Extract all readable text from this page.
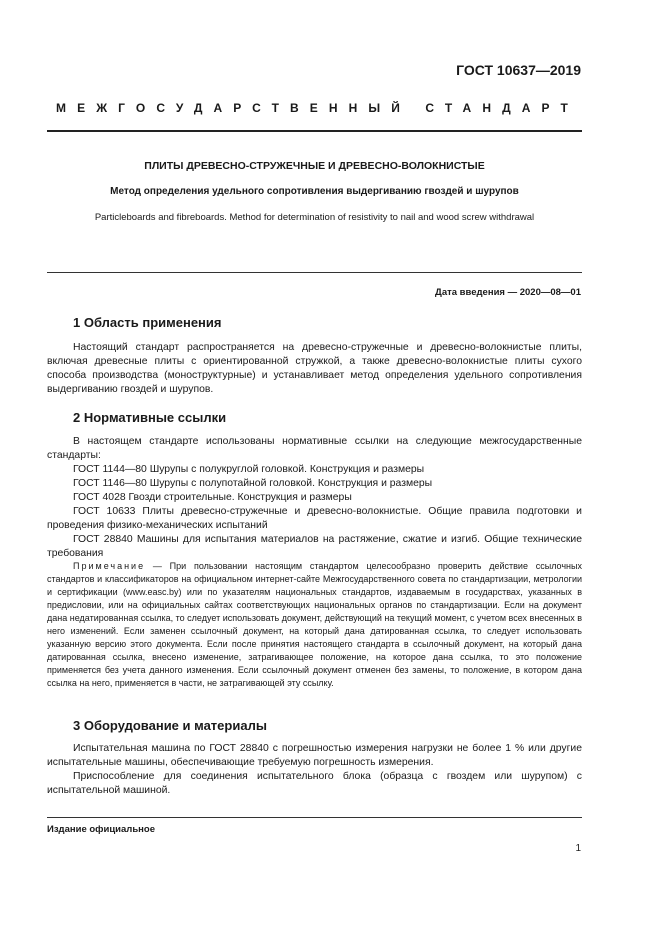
ГОСТ 10637—2019
МЕЖГОСУДАРСТВЕННЫЙ СТАНДАРТ
ПЛИТЫ ДРЕВЕСНО-СТРУЖЕЧНЫЕ И ДРЕВЕСНО-ВОЛОКНИСТЫЕ
Метод определения удельного сопротивления выдергиванию гвоздей и шурупов
Particleboards and fibreboards. Method for determination of resistivity to nail and wood screw withdrawal
Дата введения — 2020—08—01
1 Область применения
Настоящий стандарт распространяется на древесно-стружечные и древесно-волокнистые плиты, включая древесные плиты с ориентированной стружкой, а также древесно-волокнистые плиты сухого способа производства (моноструктурные) и устанавливает метод определения удельного сопротивления выдергиванию гвоздей и шурупов.
2 Нормативные ссылки
В настоящем стандарте использованы нормативные ссылки на следующие межгосударственные стандарты:
ГОСТ 1144—80 Шурупы с полукруглой головкой. Конструкция и размеры
ГОСТ 1146—80 Шурупы с полупотайной головкой. Конструкция и размеры
ГОСТ 4028 Гвозди строительные. Конструкция и размеры
ГОСТ 10633 Плиты древесно-стружечные и древесно-волокнистые. Общие правила подготовки и проведения физико-механических испытаний
ГОСТ 28840 Машины для испытания материалов на растяжение, сжатие и изгиб. Общие технические требования
Примечание — При пользовании настоящим стандартом целесообразно проверить действие ссылочных стандартов и классификаторов на официальном интернет-сайте Межгосударственного совета по стандартизации, метрологии и сертификации (www.easc.by) или по указателям национальных стандартов, издаваемым в государствах, указанных в предисловии, или на официальных сайтах соответствующих национальных органов по стандартизации. Если на документ дана недатированная ссылка, то следует использовать документ, действующий на текущий момент, с учетом всех внесенных в него изменений. Если заменен ссылочный документ, на который дана датированная ссылка, то следует использовать указанную версию этого документа. Если после принятия настоящего стандарта в ссылочный документ, на который дана датированная ссылка, внесено изменение, затрагивающее положение, на которое дана ссылка, то это положение применяется без учета данного изменения. Если ссылочный документ отменен без замены, то положение, в котором дана ссылка на него, применяется в части, не затрагивающей эту ссылку.
3 Оборудование и материалы
Испытательная машина по ГОСТ 28840 с погрешностью измерения нагрузки не более 1 % или другие испытательные машины, обеспечивающие требуемую погрешность измерения.
Приспособление для соединения испытательного блока (образца с гвоздем или шурупом) с испытательной машиной.
Издание официальное
1
